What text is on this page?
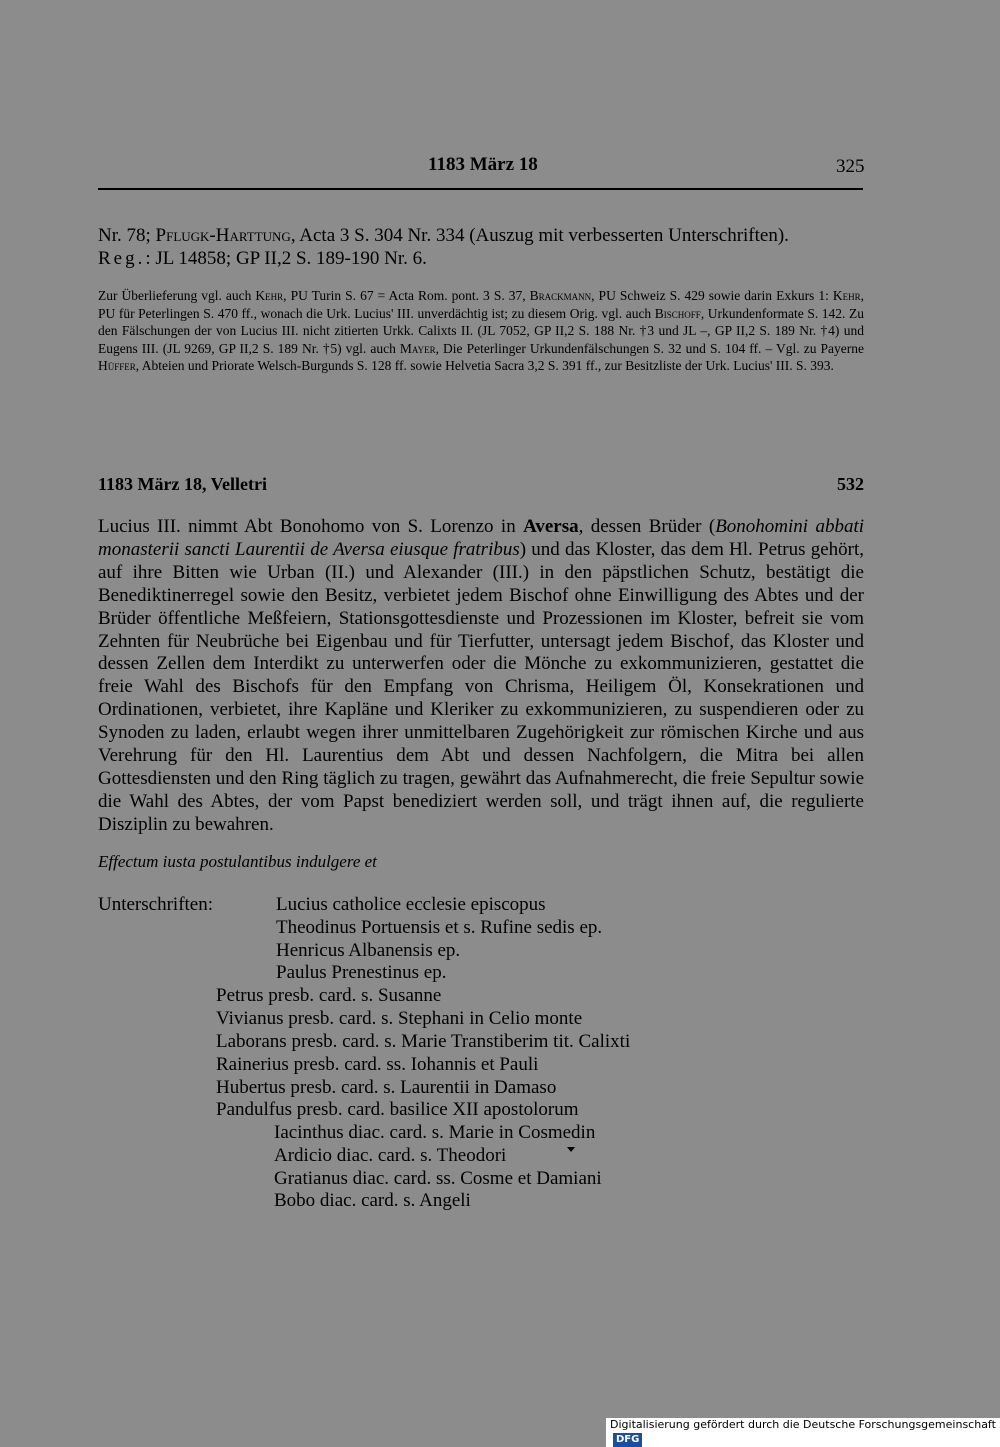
1183 März 18	325
Nr. 78; Pflugk-Harttung, Acta 3 S. 304 Nr. 334 (Auszug mit verbesserten Unterschriften).
Reg.: JL 14858; GP II,2 S. 189-190 Nr. 6.
Zur Überlieferung vgl. auch Kehr, PU Turin S. 67 = Acta Rom. pont. 3 S. 37, Brackmann, PU Schweiz S. 429 sowie darin Exkurs 1: Kehr, PU für Peterlingen S. 470 ff., wonach die Urk. Lucius' III. unverdächtig ist; zu diesem Orig. vgl. auch Bischoff, Urkundenformate S. 142. Zu den Fälschungen der von Lucius III. nicht zitierten Urkk. Calixts II. (JL 7052, GP II,2 S. 188 Nr. †3 und JL –, GP II,2 S. 189 Nr. †4) und Eugens III. (JL 9269, GP II,2 S. 189 Nr. †5) vgl. auch Mayer, Die Peterlinger Urkundenfälschungen S. 32 und S. 104 ff. – Vgl. zu Payerne Hüffer, Abteien und Priorate Welsch-Burgunds S. 128 ff. sowie Helvetia Sacra 3,2 S. 391 ff., zur Besitzliste der Urk. Lucius' III. S. 393.
1183 März 18, Velletri	532
Lucius III. nimmt Abt Bonohomo von S. Lorenzo in Aversa, dessen Brüder (Bonohomini abbati monasterii sancti Laurentii de Aversa eiusque fratribus) und das Kloster, das dem Hl. Petrus gehört, auf ihre Bitten wie Urban (II.) und Alexander (III.) in den päpstlichen Schutz, bestätigt die Benediktinerregel sowie den Besitz, verbietet jedem Bischof ohne Einwilligung des Abtes und der Brüder öffentliche Meßfeiern, Stationsgottesdienste und Prozessionen im Kloster, befreit sie vom Zehnten für Neubrüche bei Eigenbau und für Tierfutter, untersagt jedem Bischof, das Kloster und dessen Zellen dem Interdikt zu unterwerfen oder die Mönche zu exkommunizieren, gestattet die freie Wahl des Bischofs für den Empfang von Chrisma, Heiligem Öl, Konsekrationen und Ordinationen, verbietet, ihre Kapläne und Kleriker zu exkommunizieren, zu suspendieren oder zu Synoden zu laden, erlaubt wegen ihrer unmittelbaren Zugehörigkeit zur römischen Kirche und aus Verehrung für den Hl. Laurentius dem Abt und dessen Nachfolgern, die Mitra bei allen Gottesdiensten und den Ring täglich zu tragen, gewährt das Aufnahmerecht, die freie Sepultur sowie die Wahl des Abtes, der vom Papst benediziert werden soll, und trägt ihnen auf, die regulierte Disziplin zu bewahren.
Effectum iusta postulantibus indulgere et
Unterschriften:	Lucius catholice ecclesie episcopus
Theodinus Portuensis et s. Rufine sedis ep.
Henricus Albanensis ep.
Paulus Prenestinus ep.
Petrus presb. card. s. Susanne
Vivianus presb. card. s. Stephani in Celio monte
Laborans presb. card. s. Marie Transtiberim tit. Calixti
Rainerius presb. card. ss. Iohannis et Pauli
Hubertus presb. card. s. Laurentii in Damaso
Pandulfus presb. card. basilice XII apostolorum
Iacinthus diac. card. s. Marie in Cosmedin
Ardicio diac. card. s. Theodori
Gratianus diac. card. ss. Cosme et Damiani
Bobo diac. card. s. Angeli
Digitalisierung gefördert durch die Deutsche ForschungsgemeinschaftDFG
